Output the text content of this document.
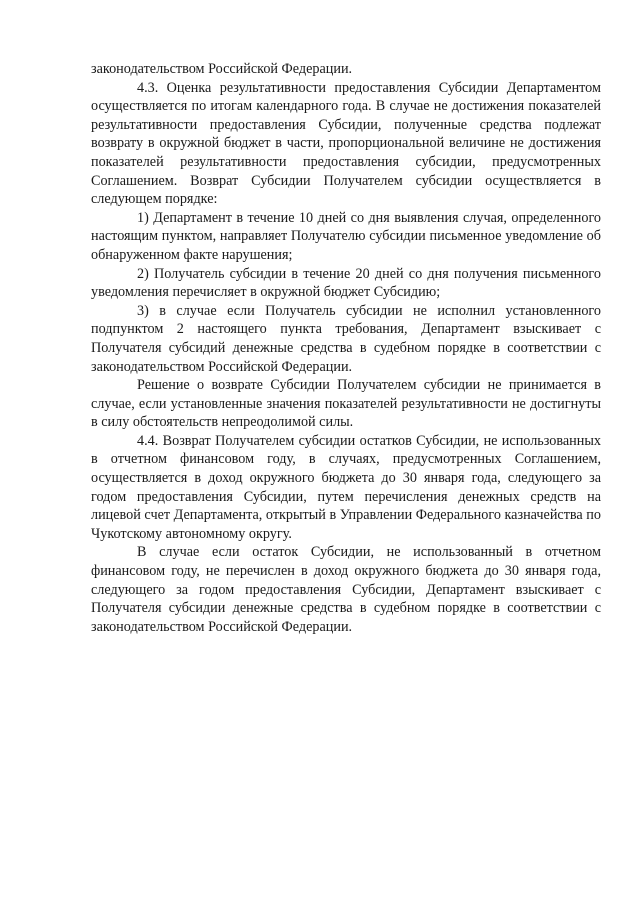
законодательством Российской Федерации.

4.3. Оценка результативности предоставления Субсидии Департаментом осуществляется по итогам календарного года. В случае не достижения показателей результативности предоставления Субсидии, полученные средства подлежат возврату в окружной бюджет в части, пропорциональной величине не достижения показателей результативности предоставления субсидии, предусмотренных Соглашением. Возврат Субсидии Получателем субсидии осуществляется в следующем порядке:

1) Департамент в течение 10 дней со дня выявления случая, определенного настоящим пунктом, направляет Получателю субсидии письменное уведомление об обнаруженном факте нарушения;

2) Получатель субсидии в течение 20 дней со дня получения письменного уведомления перечисляет в окружной бюджет Субсидию;

3) в случае если Получатель субсидии не исполнил установленного подпунктом 2 настоящего пункта требования, Департамент взыскивает с Получателя субсидий денежные средства в судебном порядке в соответствии с законодательством Российской Федерации.

Решение о возврате Субсидии Получателем субсидии не принимается в случае, если установленные значения показателей результативности не достигнуты в силу обстоятельств непреодолимой силы.

4.4. Возврат Получателем субсидии остатков Субсидии, не использованных в отчетном финансовом году, в случаях, предусмотренных Соглашением, осуществляется в доход окружного бюджета до 30 января года, следующего за годом предоставления Субсидии, путем перечисления денежных средств на лицевой счет Департамента, открытый в Управлении Федерального казначейства по Чукотскому автономному округу.

В случае если остаток Субсидии, не использованный в отчетном финансовом году, не перечислен в доход окружного бюджета до 30 января года, следующего за годом предоставления Субсидии, Департамент взыскивает с Получателя субсидии денежные средства в судебном порядке в соответствии с законодательством Российской Федерации.
